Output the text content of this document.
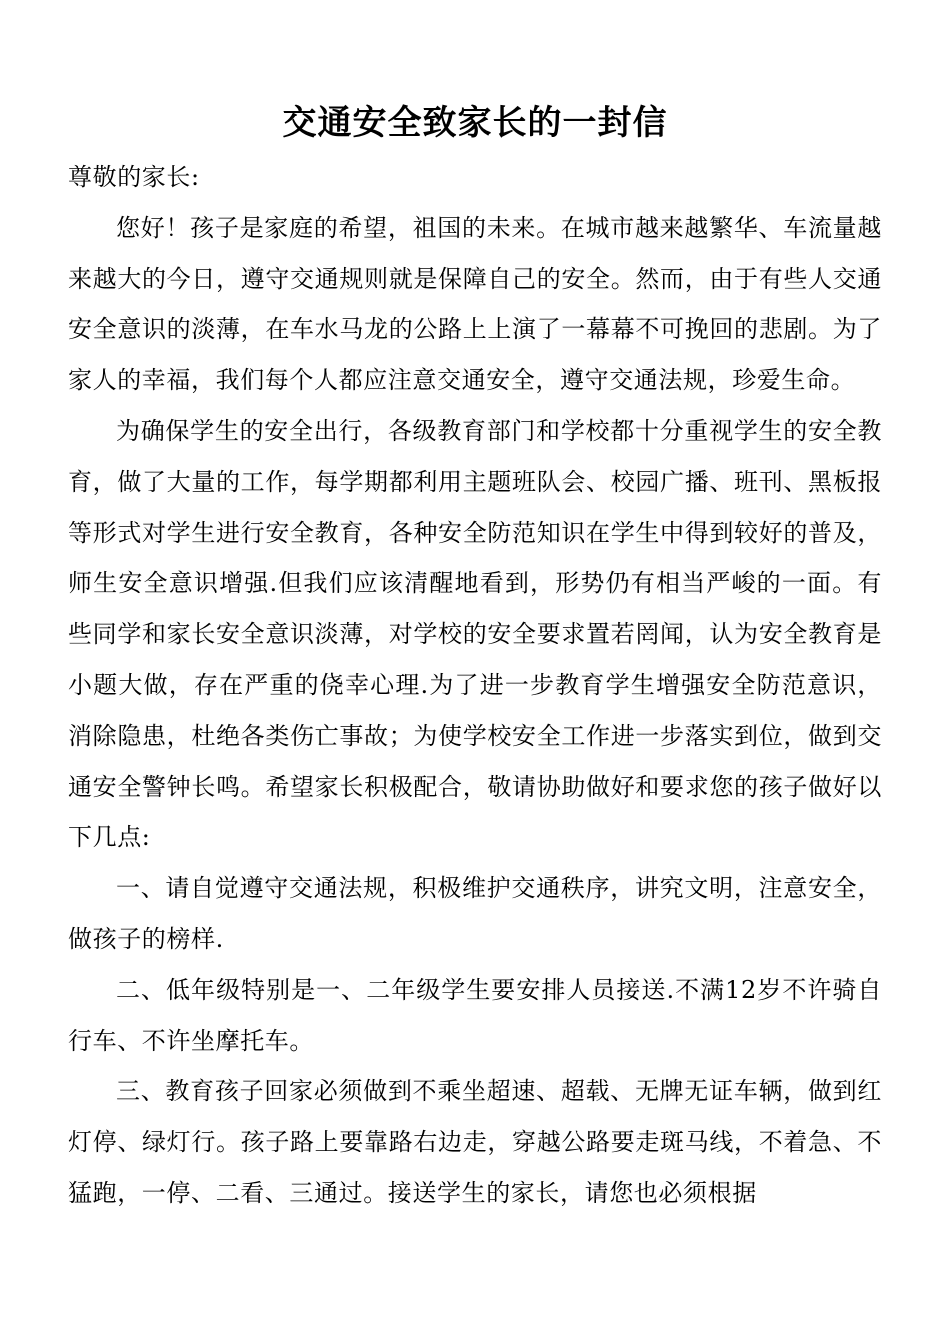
交通安全致家长的一封信

尊敬的家长:

您好！孩子是家庭的希望，祖国的未来。在城市越来越繁华、车流量越来越大的今日，遵守交通规则就是保障自己的安全。然而，由于有些人交通安全意识的淡薄，在车水马龙的公路上上演了一幕幕不可挽回的悲剧。为了家人的幸福，我们每个人都应注意交通安全，遵守交通法规，珍爱生命。

为确保学生的安全出行，各级教育部门和学校都十分重视学生的安全教育，做了大量的工作，每学期都利用主题班队会、校园广播、班刊、黑板报等形式对学生进行安全教育，各种安全防范知识在学生中得到较好的普及，师生安全意识增强.但我们应该清醒地看到，形势仍有相当严峻的一面。有些同学和家长安全意识淡薄，对学校的安全要求置若罔闻，认为安全教育是小题大做，存在严重的侥幸心理.为了进一步教育学生增强安全防范意识，消除隐患，杜绝各类伤亡事故；为使学校安全工作进一步落实到位，做到交通安全警钟长鸣。希望家长积极配合，敬请协助做好和要求您的孩子做好以下几点:

一、请自觉遵守交通法规，积极维护交通秩序，讲究文明，注意安全，做孩子的榜样.

二、低年级特别是一、二年级学生要安排人员接送.不满12岁不许骑自行车、不许坐摩托车。

三、教育孩子回家必须做到不乘坐超速、超载、无牌无证车辆，做到红灯停、绿灯行。孩子路上要靠路右边走，穿越公路要走斑马线，不着急、不猛跑，一停、二看、三通过。接送学生的家长，请您也必须根据
